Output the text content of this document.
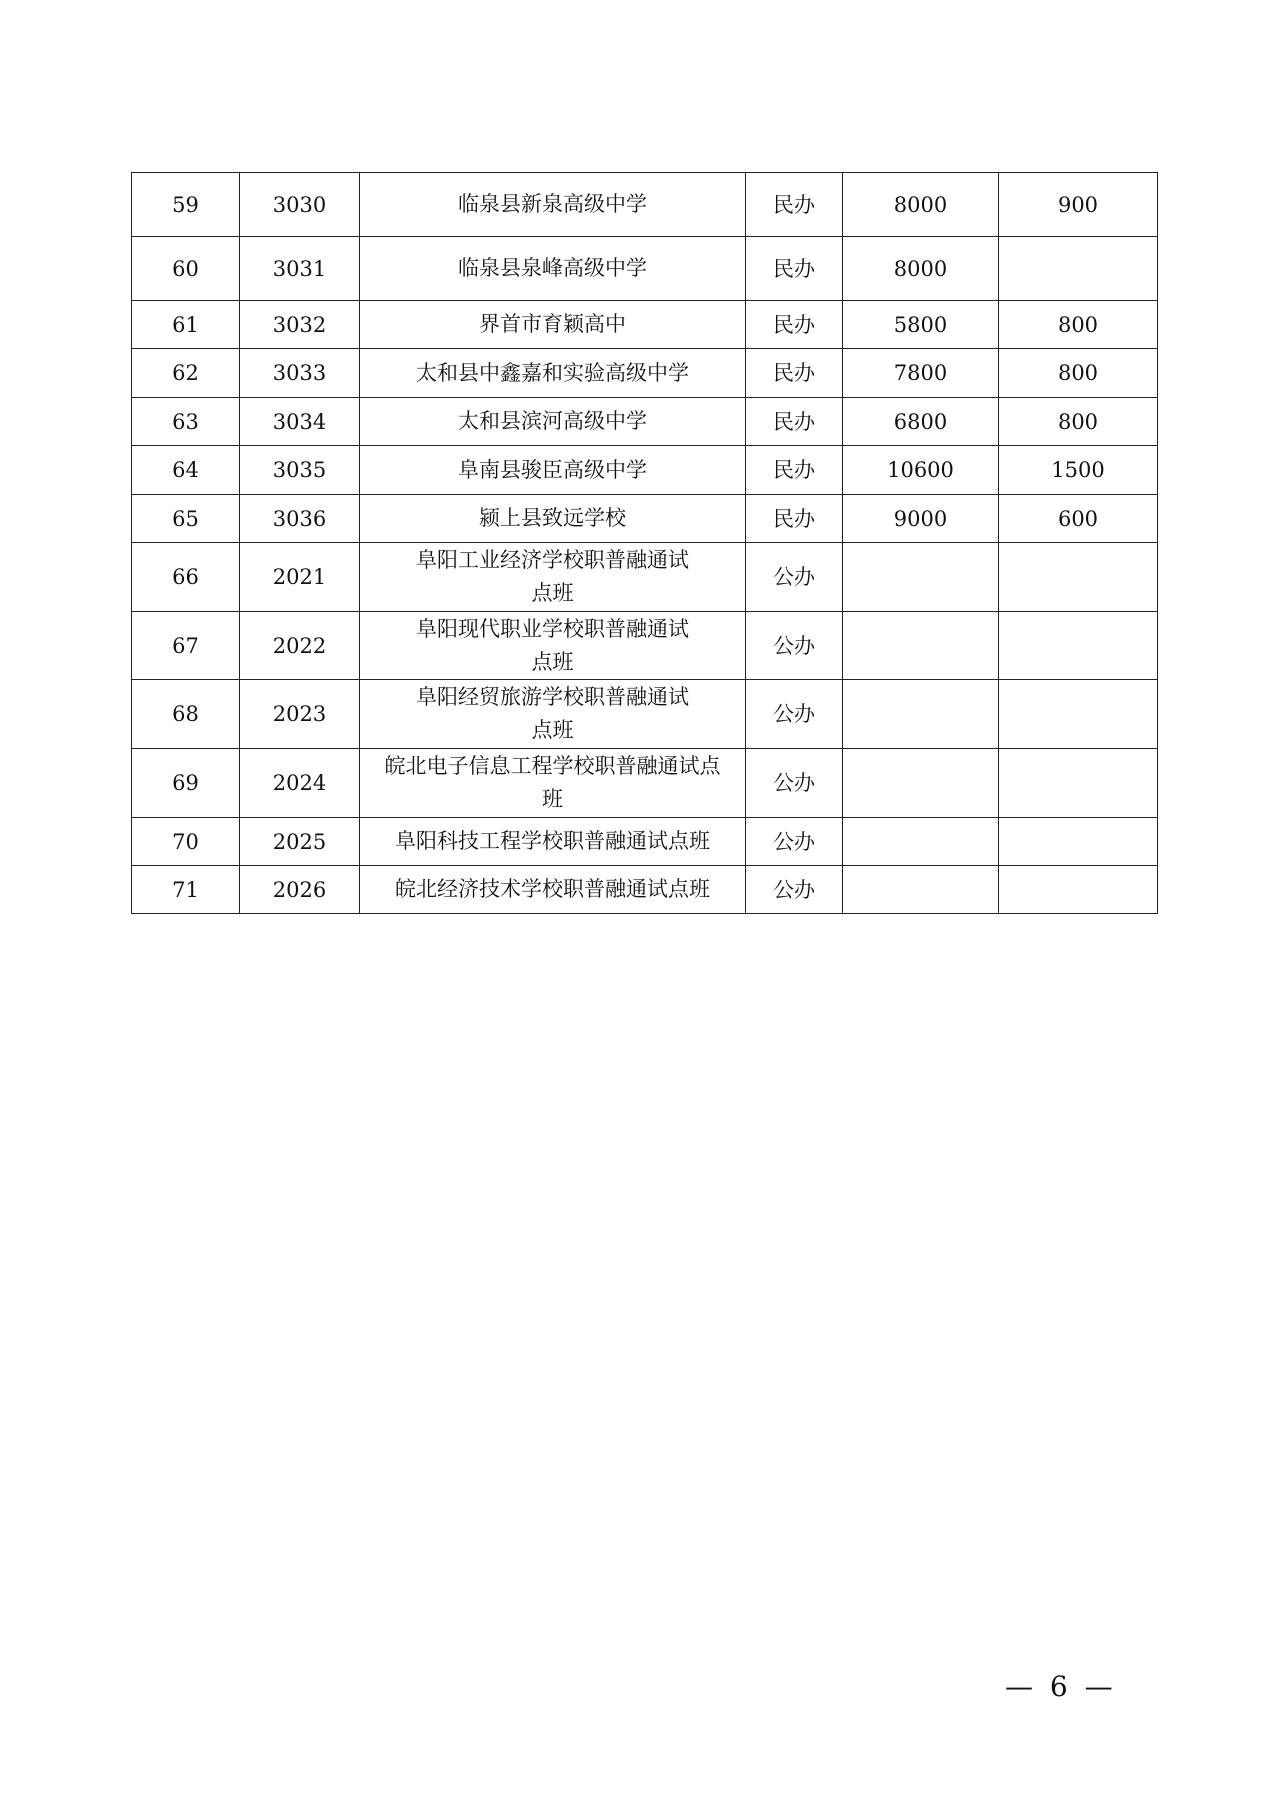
59	3030	临泉县新泉高级中学	民办	8000	900
60	3031	临泉县泉峰高级中学	民办	8000	
61	3032	界首市育颖高中	民办	5800	800
62	3033	太和县中鑫嘉和实验高级中学	民办	7800	800
63	3034	太和县滨河高级中学	民办	6800	800
64	3035	阜南县骏臣高级中学	民办	10600	1500
65	3036	颍上县致远学校	民办	9000	600
66	2021	阜阳工业经济学校职普融通试点班	公办		
67	2022	阜阳现代职业学校职普融通试点班	公办		
68	2023	阜阳经贸旅游学校职普融通试点班	公办		
69	2024	皖北电子信息工程学校职普融通试点班	公办		
70	2025	阜阳科技工程学校职普融通试点班	公办		
71	2026	皖北经济技术学校职普融通试点班	公办		
— 6 —
